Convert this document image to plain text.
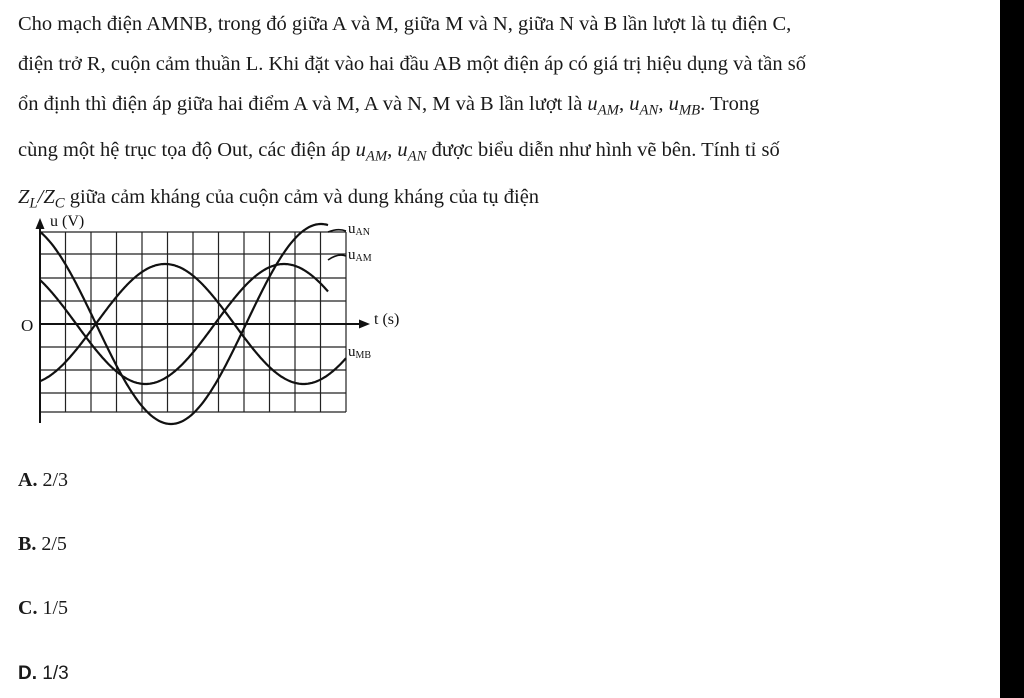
Cho mạch điện AMNB, trong đó giữa A và M, giữa M và N, giữa N và B lần lượt là tụ điện C,
điện trở R, cuộn cảm thuần L. Khi đặt vào hai đầu AB một điện áp có giá trị hiệu dụng và tần số
ổn định thì điện áp giữa hai điểm A và M, A và N, M và B lần lượt là $u_{AM}$, $u_{AN}$, $u_{MB}$. Trong
cùng một hệ trục tọa độ Out, các điện áp $u_{AM}$, $u_{AN}$ được biểu diễn như hình vẽ bên. Tính tỉ số
$Z_L/Z_C$ giữa cảm kháng của cuộn cảm và dung kháng của tụ điện
u (V)
t (s)
O
uAN
uAM
uMB
A. 2/3
B. 2/5
C. 1/5
D. 1/3
